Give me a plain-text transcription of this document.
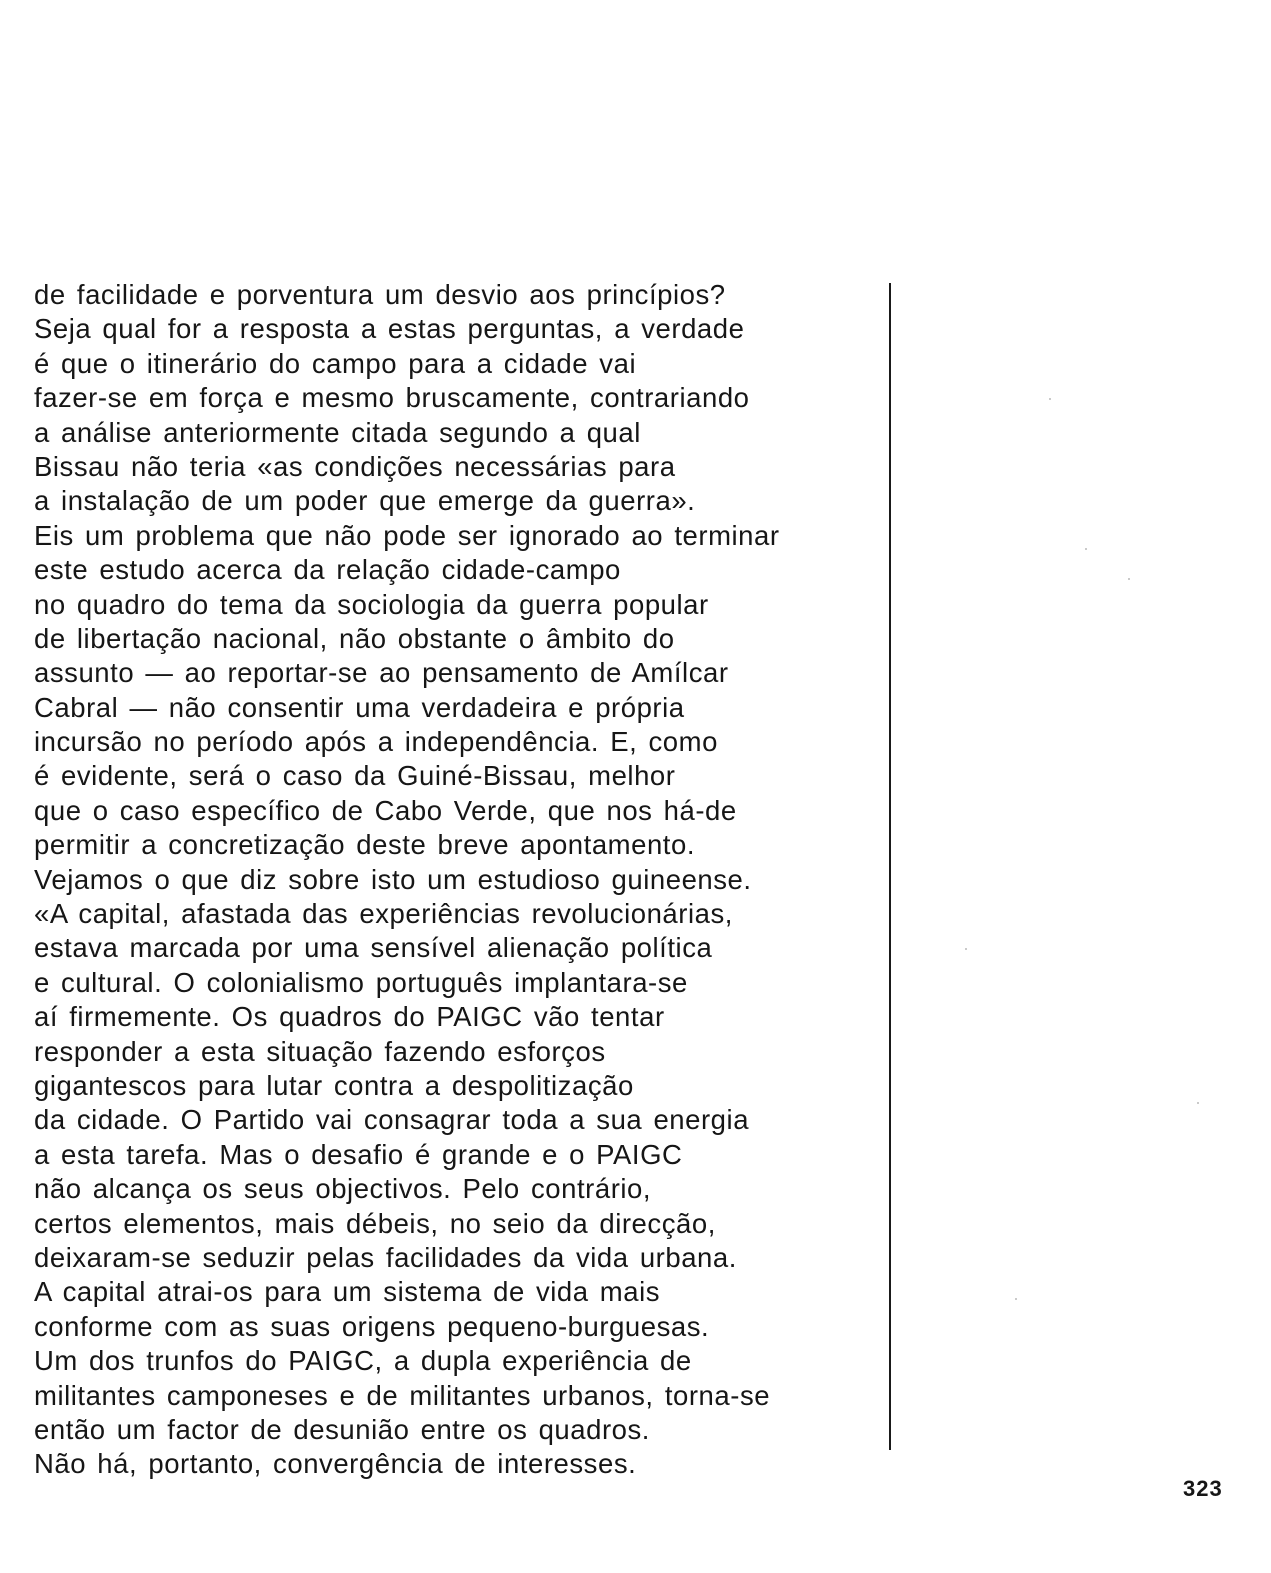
de facilidade e porventura um desvio aos princípios?
Seja qual for a resposta a estas perguntas, a verdade
é que o itinerário do campo para a cidade vai
fazer-se em força e mesmo bruscamente, contrariando
a análise anteriormente citada segundo a qual
Bissau não teria «as condições necessárias para
a instalação de um poder que emerge da guerra».
Eis um problema que não pode ser ignorado ao terminar
este estudo acerca da relação cidade-campo
no quadro do tema da sociologia da guerra popular
de libertação nacional, não obstante o âmbito do
assunto — ao reportar-se ao pensamento de Amílcar
Cabral — não consentir uma verdadeira e própria
incursão no período após a independência. E, como
é evidente, será o caso da Guiné-Bissau, melhor
que o caso específico de Cabo Verde, que nos há-de
permitir a concretização deste breve apontamento.
Vejamos o que diz sobre isto um estudioso guineense.
«A capital, afastada das experiências revolucionárias,
estava marcada por uma sensível alienação política
e cultural. O colonialismo português implantara-se
aí firmemente. Os quadros do PAIGC vão tentar
responder a esta situação fazendo esforços
gigantescos para lutar contra a despolitização
da cidade. O Partido vai consagrar toda a sua energia
a esta tarefa. Mas o desafio é grande e o PAIGC
não alcança os seus objectivos. Pelo contrário,
certos elementos, mais débeis, no seio da direcção,
deixaram-se seduzir pelas facilidades da vida urbana.
A capital atrai-os para um sistema de vida mais
conforme com as suas origens pequeno-burguesas.
Um dos trunfos do PAIGC, a dupla experiência de
militantes camponeses e de militantes urbanos, torna-se
então um factor de desunião entre os quadros.
Não há, portanto, convergência de interesses.
323
